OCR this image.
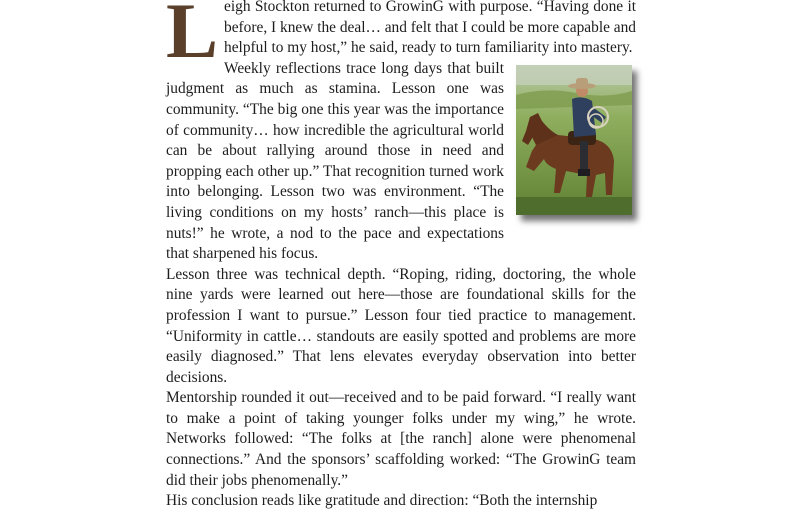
Leigh Stockton returned to GrowinG with purpose. “Having done it before, I knew the deal… and felt that I could be more capable and helpful to my host,” he said, ready to turn familiarity into mastery.

Weekly reflections trace long days that built judgment as much as stamina. Lesson one was community. “The big one this year was the importance of community… how incredible the agricultural world can be about rallying around those in need and propping each other up.” That recognition turned work into belonging. Lesson two was environment. “The living conditions on my hosts’ ranch—this place is nuts!” he wrote, a nod to the pace and expectations that sharpened his focus.

Lesson three was technical depth. “Roping, riding, doctoring, the whole nine yards were learned out here—those are foundational skills for the profession I want to pursue.” Lesson four tied practice to management. “Uniformity in cattle… standouts are easily spotted and problems are more easily diagnosed.” That lens elevates everyday observation into better decisions.

Mentorship rounded it out—received and to be paid forward. “I really want to make a point of taking younger folks under my wing,” he wrote. Networks followed: “The folks at [the ranch] alone were phenomenal connections.” And the sponsors’ scaffolding worked: “The GrowinG team did their jobs phenomenally.”

His conclusion reads like gratitude and direction: “Both the internship
